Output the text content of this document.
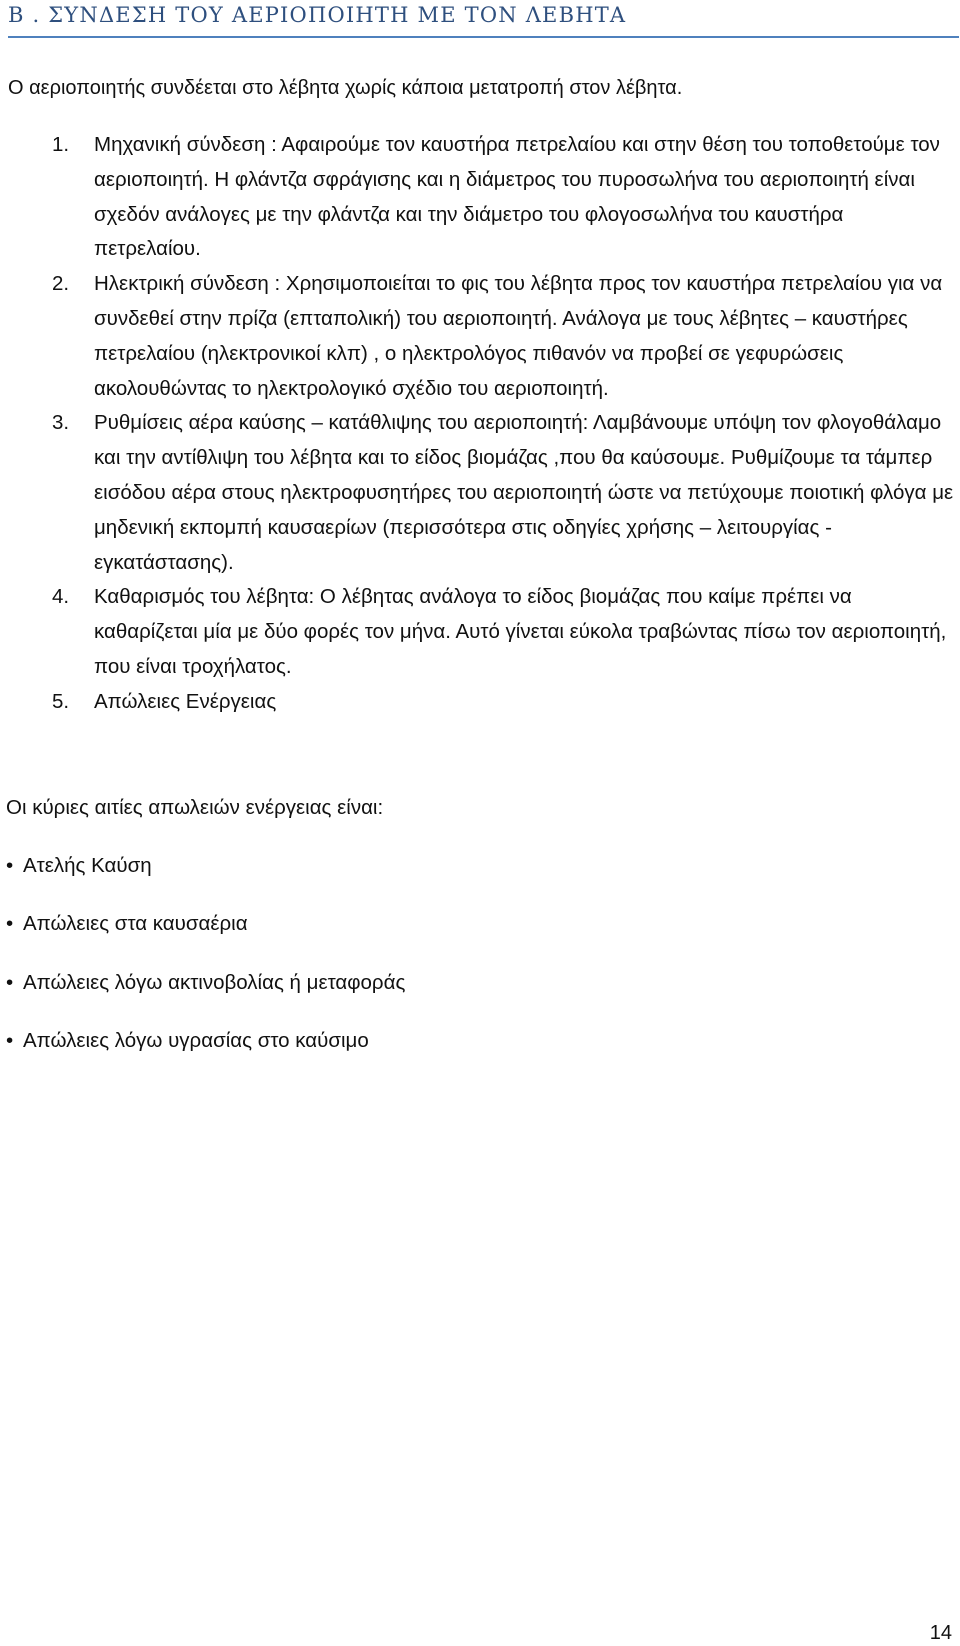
Β . ΣΥΝΔΕΣΗ ΤΟΥ ΑΕΡΙΟΠΟΙΗΤΗ ΜΕ ΤΟΝ ΛΕΒΗΤΑ
Ο αεριοποιητής συνδέεται στο λέβητα χωρίς κάποια μετατροπή στον λέβητα.
1. Μηχανική σύνδεση : Αφαιρούμε τον καυστήρα πετρελαίου και στην θέση του τοποθετούμε τον αεριοποιητή. Η φλάντζα σφράγισης και η διάμετρος του πυροσωλήνα του αεριοποιητή είναι σχεδόν ανάλογες με την φλάντζα και την διάμετρο του φλογοσωλήνα του καυστήρα πετρελαίου.
2. Ηλεκτρική σύνδεση : Χρησιμοποιείται το φις του λέβητα προς τον καυστήρα πετρελαίου για να συνδεθεί στην πρίζα (επταπολική) του αεριοποιητή. Ανάλογα με τους λέβητες – καυστήρες πετρελαίου (ηλεκτρονικοί κλπ) , ο ηλεκτρολόγος πιθανόν να προβεί σε γεφυρώσεις ακολουθώντας το ηλεκτρολογικό σχέδιο του αεριοποιητή.
3. Ρυθμίσεις αέρα καύσης – κατάθλιψης του αεριοποιητή: Λαμβάνουμε υπόψη τον φλογοθάλαμο και την αντίθλιψη του λέβητα και το είδος βιομάζας ,που θα καύσουμε. Ρυθμίζουμε τα τάμπερ εισόδου αέρα στους ηλεκτροφυσητήρες του αεριοποιητή ώστε να πετύχουμε ποιοτική φλόγα με μηδενική εκπομπή καυσαερίων (περισσότερα στις οδηγίες χρήσης – λειτουργίας - εγκατάστασης).
4. Καθαρισμός του λέβητα: Ο λέβητας ανάλογα το είδος βιομάζας που καίμε πρέπει να καθαρίζεται μία με δύο φορές τον μήνα. Αυτό γίνεται εύκολα τραβώντας πίσω τον αεριοποιητή, που είναι τροχήλατος.
5. Απώλειες Ενέργειας
Οι κύριες αιτίες απωλειών ενέργειας είναι:
• Ατελής Καύση
• Απώλειες στα καυσαέρια
• Απώλειες λόγω ακτινοβολίας ή μεταφοράς
• Απώλειες λόγω υγρασίας στο καύσιμο
14
